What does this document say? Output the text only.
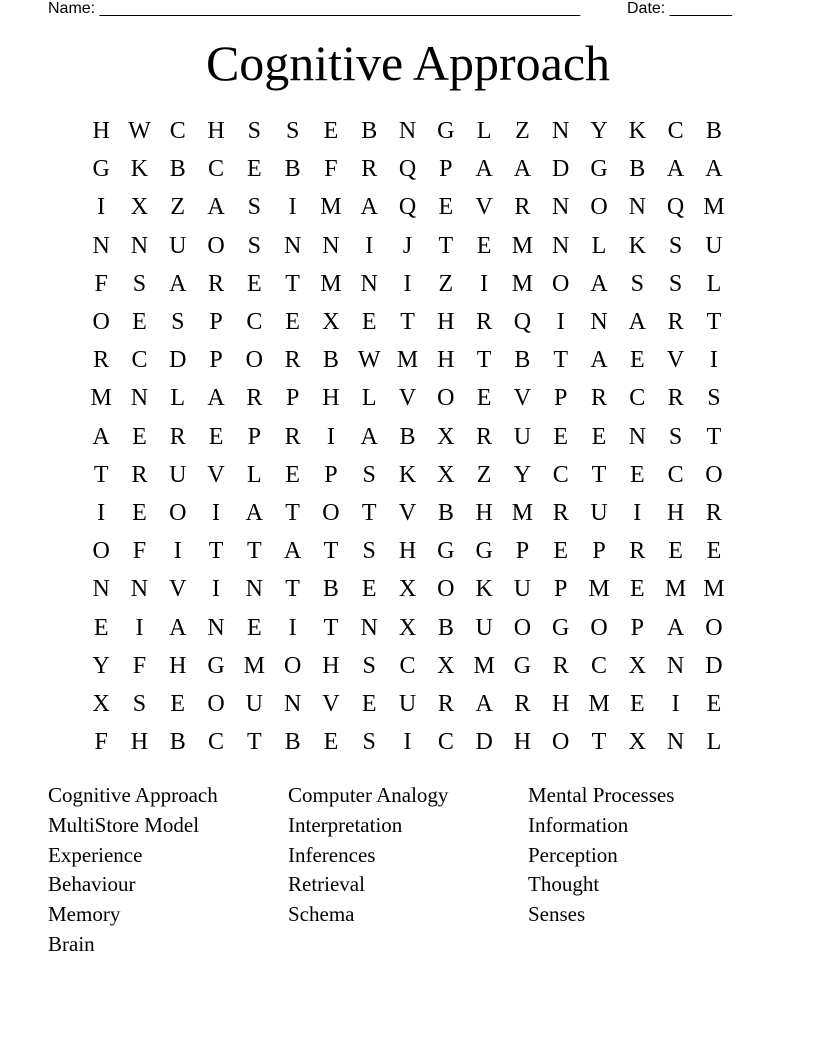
Name: ______________________________________________________	Date: _______
Cognitive Approach
H W C H S	S	E B N G L Z N Y K C B
G K B C E B F R Q P A A D G B A A
I	X Z A S	I M A Q E V R N O N Q M
N N U O S N N	I	J	T E M N L K S U
F	S A R E T M N	I	Z	I M O A S	S	L
O E	S	P C E X E T H R Q	I	N A R T
R C D P O R B W M H T B T A E V	I
M N L A R P H L V O E V P R C R S
A E R E	P R	I	A B X R U E E N S	T
T R U V L E	P	S K X Z Y C T E C O
I	E O	I	A T O T V B H M R U	I	H R
O F	I	T T A T	S H G G P	E	P R E E
N N V	I	N T B E X O K U P M E M M
E	I	A N E	I	T N X B U O G O P A O
Y F H G M O H S C X M G R C X N D
X S	E O U N V E U R A R H M E	I	E
F H B C T B E	S	I	C D H O T X N L
Cognitive Approach	Computer Analogy	Mental Processes
MultiStore Model	Interpretation	Information
Experience	Inferences	Perception
Behaviour	Retrieval	Thought
Memory	Schema	Senses
Brain
